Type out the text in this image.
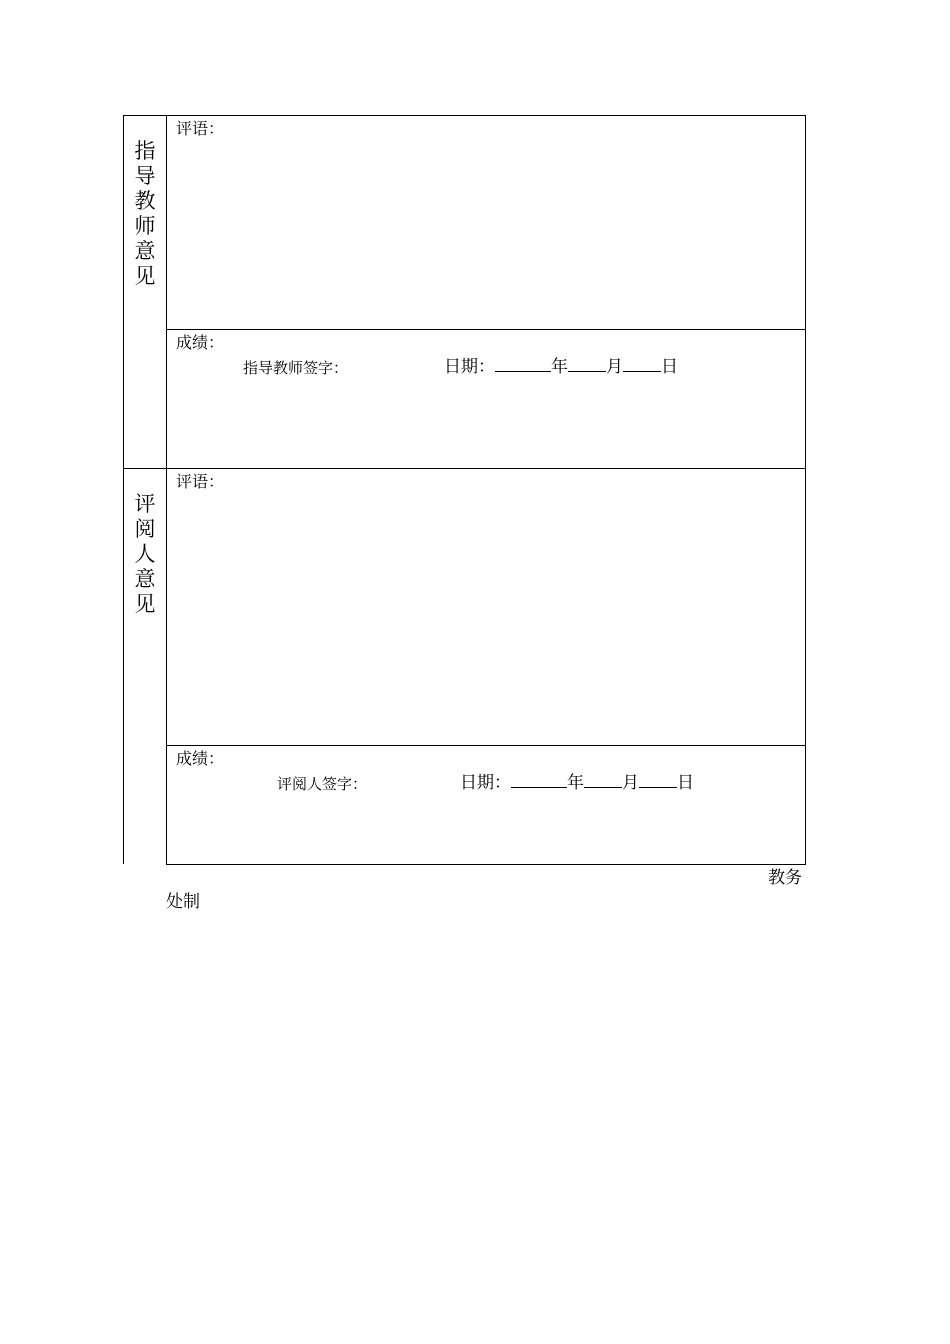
指
导
教
师
意
见
评语：
成绩：
指导教师签字：	日期：	年 月 日
评
阅
人
意
见
评语：
成绩：
评阅人签字：	日期：	年 月 日
教务
处制
